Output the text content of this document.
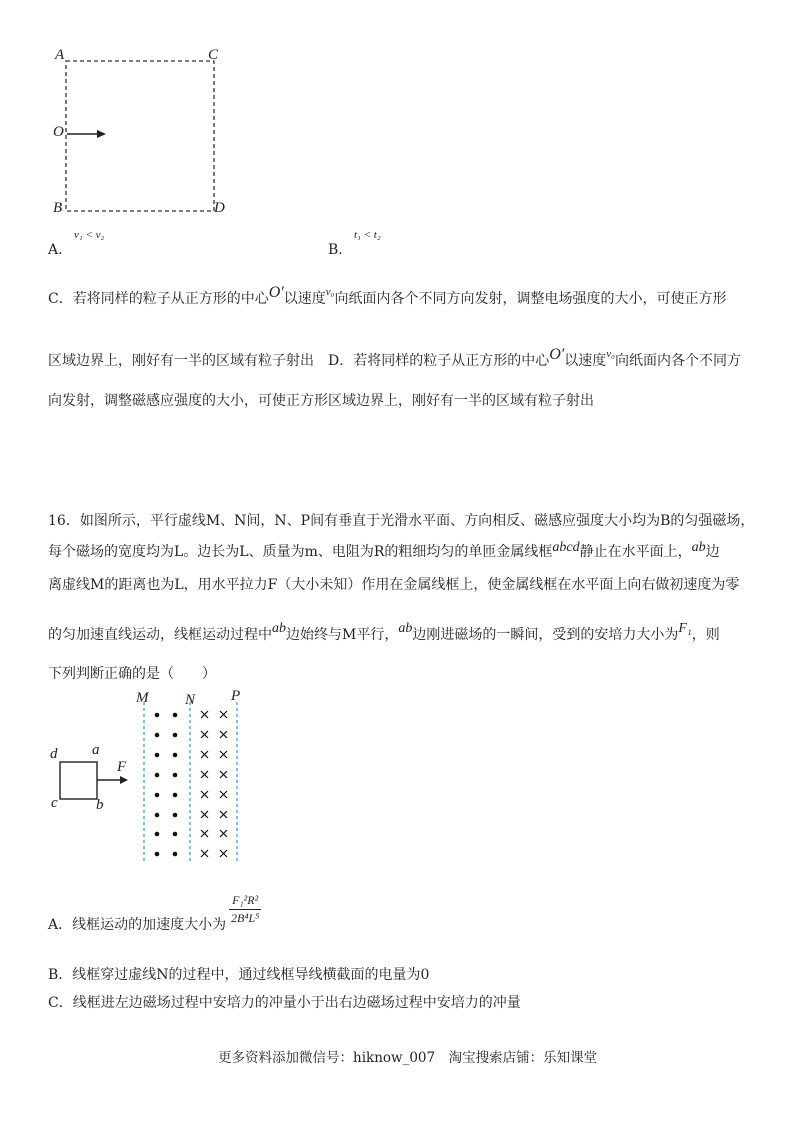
A	C
O
B	D
A.
v₁ < v₂
B.
t₁ < t₂
C．若将同样的粒子从正方形的中心O′以速度$^{v_0}$向纸面内各个不同方向发射，调整电场强度的大小，可使正方形
区域边界上，刚好有一半的区域有粒子射出　D．若将同样的粒子从正方形的中心O′以速度$^{v_0}$向纸面内各个不同方
向发射，调整磁感应强度的大小，可使正方形区域边界上，刚好有一半的区域有粒子射出
16．如图所示，平行虚线M、N间，N、P间有垂直于光滑水平面、方向相反、磁感应强度大小均为B的匀强磁场，
每个磁场的宽度均为L。边长为L、质量为m、电阻为R的粗细均匀的单匝金属线框abcd静止在水平面上，ab边
离虚线M的距离也为L，用水平拉力F（大小未知）作用在金属线框上，使金属线框在水平面上向右做初速度为零
的匀加速直线运动，线框运动过程中ab边始终与M平行，ab边刚进磁场的一瞬间，受到的安培力大小为F₁，则
下列判断正确的是（　　）
M N P
d a
c	b
F
A．线框运动的加速度大小为
F₁²R²
2B⁴L⁵
B．线框穿过虚线N的过程中，通过线框导线横截面的电量为0
C．线框进左边磁场过程中安培力的冲量小于出右边磁场过程中安培力的冲量
更多资料添加微信号：hiknow_007　淘宝搜索店铺：乐知课堂
